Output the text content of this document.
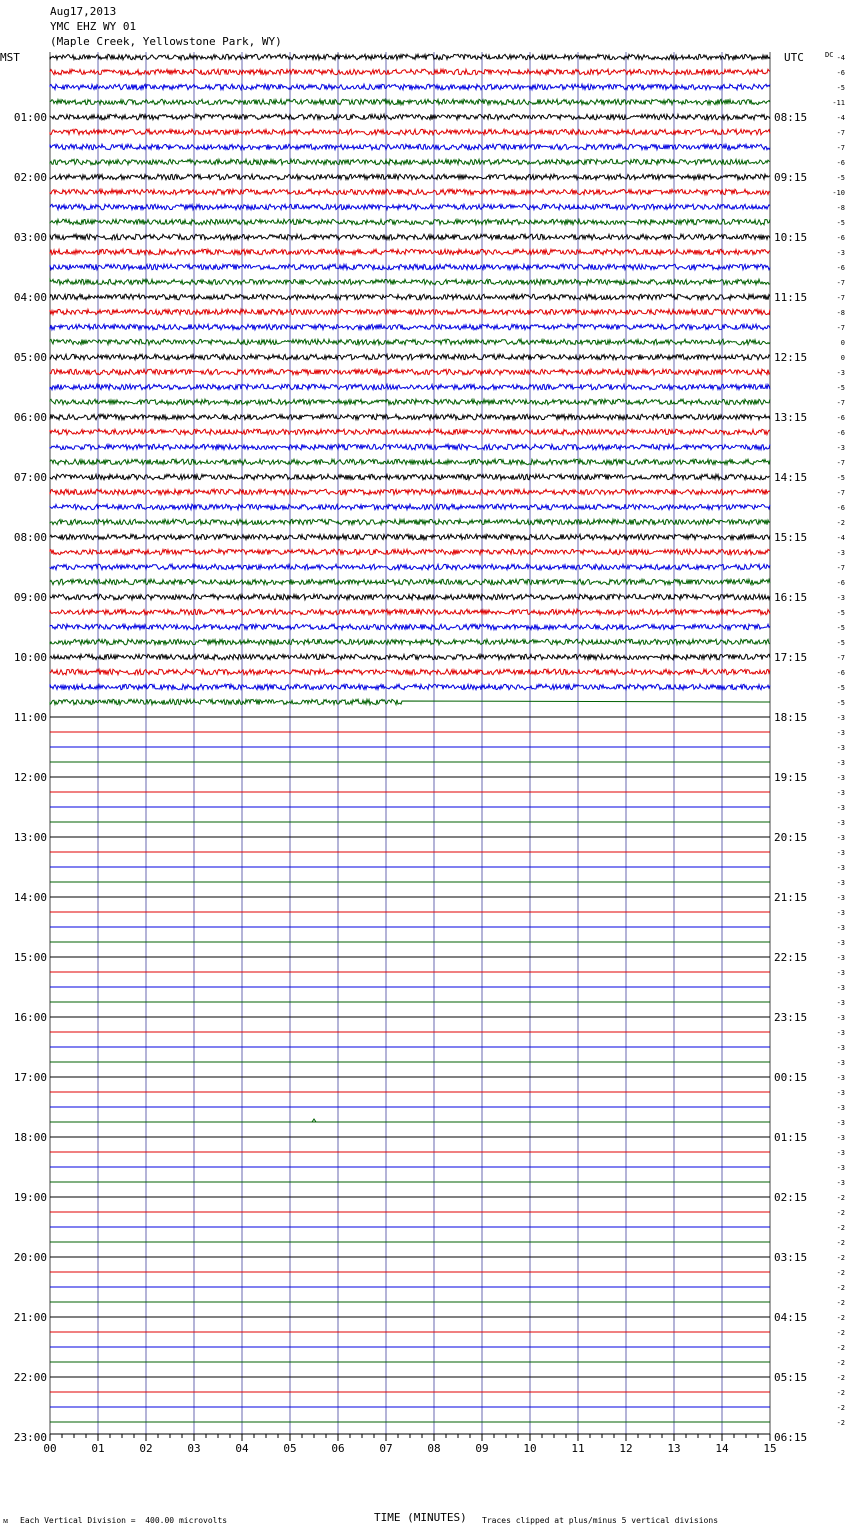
Aug17,2013
YMC EHZ WY 01
(Maple Creek, Yellowstone Park, WY)
00	01	02	03	04	05	06	07	08	09	10	11	12	13	14	15
-4
-6
-5
-11
-4
-7
-7
-6
-5
-10
-8
-5
-6
-3
-6
-7
-7
-8
-7
0
0
-3
-5
-7
-6
-6
-3
-7
-5
-7
-6
-2
-4
-3
-7
-6
-3
-5
-5
-5
-7
-6
-5
-5
-3
-3
-3
-3
-3
-3
-3
-3
-3
-3
-3
-3
-3
-3
-3
-3
-3
-3
-3
-3
-3
-3
-3
-3
-3
-3
-3
-3
-3
-3
-3
-3
-2
-2
-2
-2
-2
-2
-2
-2
-2
-2
-2
-2
-2
-2
-2
-2
MST	UTC	DC
01:00
02:00
03:00
04:00
05:00
06:00
07:00
08:00
09:00
10:00
11:00
12:00
13:00
14:00
15:00
16:00
17:00
18:00
19:00
20:00
21:00
22:00
23:00
08:15
09:15
10:15
11:15
12:15
13:15
14:15
15:15
16:15
17:15
18:15
19:15
20:15
21:15
22:15
23:15
00:15
01:15
02:15
03:15
04:15
05:15
06:15
TIME (MINUTES)
ᴍ Each Vertical Division =  400.00 microvolts	Traces clipped at plus/minus 5 vertical divisions
